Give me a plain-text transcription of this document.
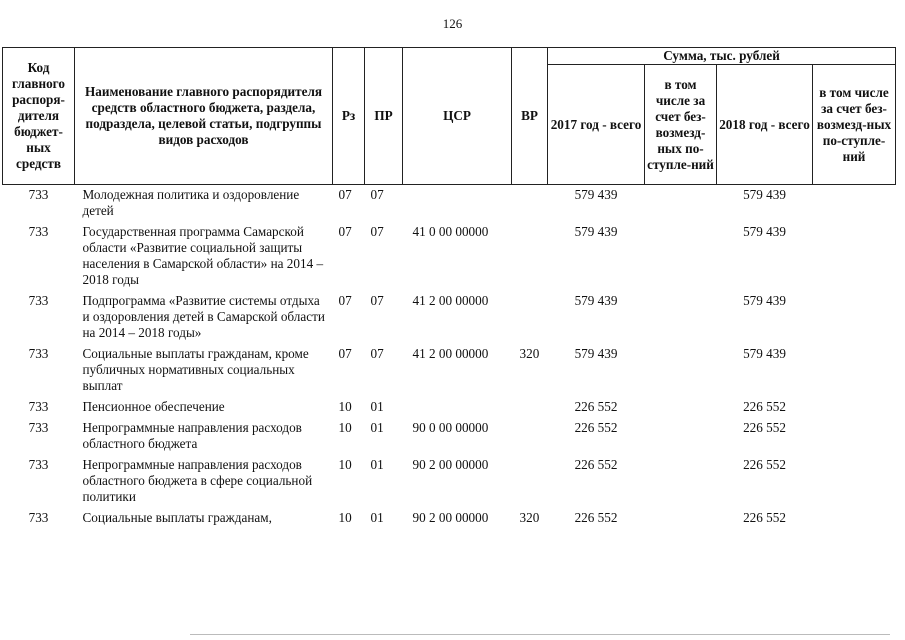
126
Код главного распоря-дителя бюджет-ных средств	Наименование главного распорядителя средств областного бюджета, раздела, подраздела, целевой статьи, подгруппы видов расходов	Рз	ПР	ЦСР	ВР	Сумма, тыс. рублей			
						2017 год - всего	в том числе за счет без-возмезд-ных по-ступле-ний	2018 год - всего	в том числе за счет без-возмезд-ных по-ступле-ний
733	Молодежная политика и оздоровление детей	07	07			579 439		579 439	
733	Государственная программа Самарской области «Развитие социальной защиты населения в Самарской области» на 2014 – 2018 годы	07	07	41 0 00 00000		579 439		579 439	
733	Подпрограмма «Развитие системы отдыха и оздоровления детей в Самарской области на 2014 – 2018 годы»	07	07	41 2 00 00000		579 439		579 439	
733	Социальные выплаты гражданам, кроме публичных нормативных социальных выплат	07	07	41 2 00 00000	320	579 439		579 439	
733	Пенсионное обеспечение	10	01			226 552		226 552	
733	Непрограммные направления расходов областного бюджета	10	01	90 0 00 00000		226 552		226 552	
733	Непрограммные направления расходов областного бюджета в сфере социальной политики	10	01	90 2 00 00000		226 552		226 552	
733	Социальные выплаты гражданам,	10	01	90 2 00 00000	320	226 552		226 552	
